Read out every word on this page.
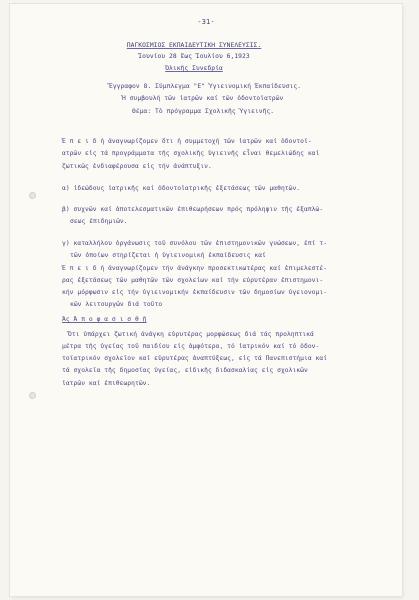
-31-
ΠΑΓΚΟΣΜΙΟΣ ΕΚΠΑΙΔΕΥΤΙΚΗ ΣΥΝΕΛΕΥΣΙΣ.
Ἰουνίου 28 ἕως Ἰουλίου 6,1923
Ὁλικῆς Συνεδρία
Ἔγγραφον 8. Σύμπλεγμα "Ε" Ὑγιεινομική Ἐκπαίδευσις.
Ἡ συμβουλή τῶν ἰατρῶν καί τῶν ὀδοντοϊατρῶν
Θέμα: Τὸ πρόγραμμα Σχολικῆς Ὑγιεινῆς.
Ἐ π ε ι δ ή ἀναγνωρίζομεν ὅτι ἡ συμμετοχή τῶν ἰατρῶν καί ὀδοντοϊ-
ατρῶν εἰς τά προγράμματα τῆς σχολικῆς ὑγιεινῆς εἶναι θεμελιώδης καί
ζωτικῶς ἐνδιαφέρουσα εἰς τήν ἀνάπτυξιν.
α) ἰδεώδους ἰατρικῆς καί ὀδοντοϊατρικῆς ἐξετάσεως τῶν μαθητῶν.
β) συχνῶν καί ἀποτελεσματικῶν ἐπιθεωρήσεων πρός πρόληψιν τῆς ἐξαπλώ-
σεως ἐπιδημιῶν.
γ) καταλλήλου ὀργάνωσις τοῦ συνόλου τῶν ἐπιστημονικῶν γνώσεων, ἐπί τ-
τῶν ὁποίων στηρίζεται ἡ ὑγιεινομική ἐκπαίδευσις καί
Ἐ π ε ι δ ή ἀναγνωρίζομεν τήν ἀνάγκην προσεκτικωτέρας καί ἐπιμελεστέ-
ρας ἐξετάσεως τῶν μαθητῶν τῶν σχολείων καί τήν εὐρυτέραν ἐπιστημονι-
κήν μόρφωσιν εἰς τήν ὑγιεινομικήν ἐκπαίδευσιν τῶν δημοσίων ὑγειονομι-
κῶν λειτουργῶν διά τοῦτο
Ἀς Ἀ π ο φ α σ ι σ θ ῇ
Ὅτι ὑπάρχει ζωτική ἀνάγκη εὐρυτέρας μορφώσεως διά τάς προληπτικά
μέτρα τῆς ὑγείας τοῦ παιδίου εἰς ἀμφότερα, τό ἰατρικόν καί τό ὀδον-
τοϊατρικόν σχολεῖον καί εὐρυτέρας ἀναπτύξεως, εἰς τά Πανεπιστήμια καί
τά σχολεῖα τῆς δημοσίας ὑγείας, εἰδικῆς διδασκαλίας εἰς σχολικῶν
ἰατρῶν καί ἐπιθεωρητῶν.
